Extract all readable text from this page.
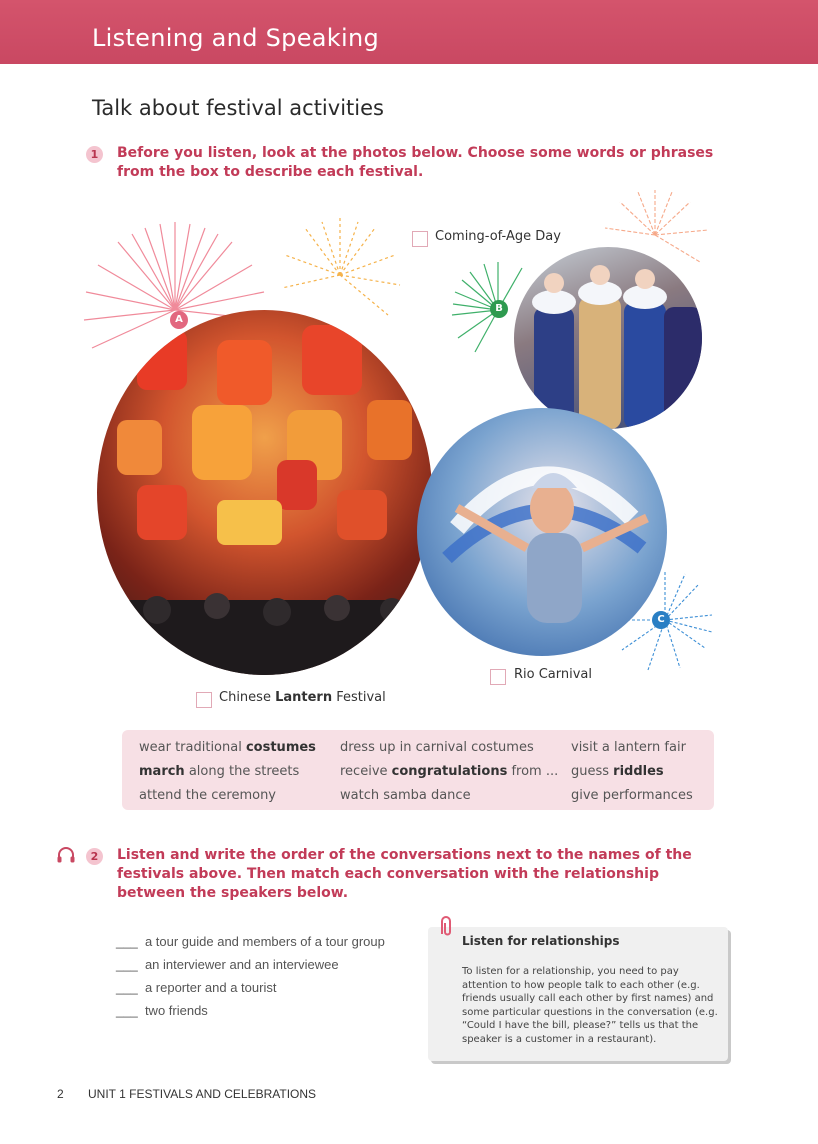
Listening and Speaking
Talk about festival activities
1	Before you listen, look at the photos below. Choose some words or phrases from the box to describe each festival.
A
B
C
Coming-of-Age Day
Rio Carnival
Chinese Lantern Festival
wear traditional costumes
march along the streets
attend the ceremony
dress up in carnival costumes
receive congratulations from ...
watch samba dance
visit a lantern fair
guess riddles
give performances
2	Listen and write the order of the conversations next to the names of the festivals above. Then match each conversation with the relationship between the speakers below.
___ a tour guide and members of a tour group
___ an interviewer and an interviewee
___ a reporter and a tourist
___ two friends
Listen for relationships
To listen for a relationship, you need to pay attention to how people talk to each other (e.g. friends usually call each other by first names) and some particular questions in the conversation (e.g. “Could I have the bill, please?” tells us that the speaker is a customer in a restaurant).
2 UNIT 1 FESTIVALS AND CELEBRATIONS
